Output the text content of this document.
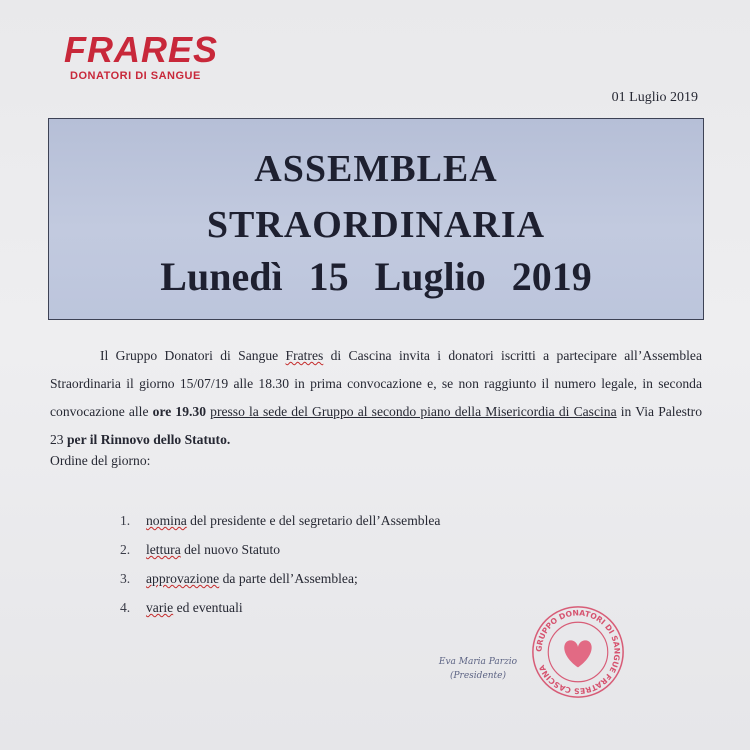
FRARES
DONATORI DI SANGUE
01 Luglio 2019
ASSEMBLEA
STRAORDINARIA
Lunedì 15 Luglio 2019

Il Gruppo Donatori di Sangue Fratres di Cascina invita i donatori iscritti a partecipare all’Assemblea Straordinaria il giorno 15/07/19 alle 18.30 in prima convocazione e, se non raggiunto il numero legale, in seconda convocazione alle ore 19.30 presso la sede del Gruppo al secondo piano della Misericordia di Cascina in Via Palestro 23 per il Rinnovo dello Statuto.

Ordine del giorno:
1. nomina del presidente e del segretario dell’Assemblea
2. lettura del nuovo Statuto
3. approvazione da parte dell’Assemblea;
4. varie ed eventuali
Eva Maria Parzio
(Presidente)
GRUPPO DONATORI DI SANGUE FRATRES CASCINA
